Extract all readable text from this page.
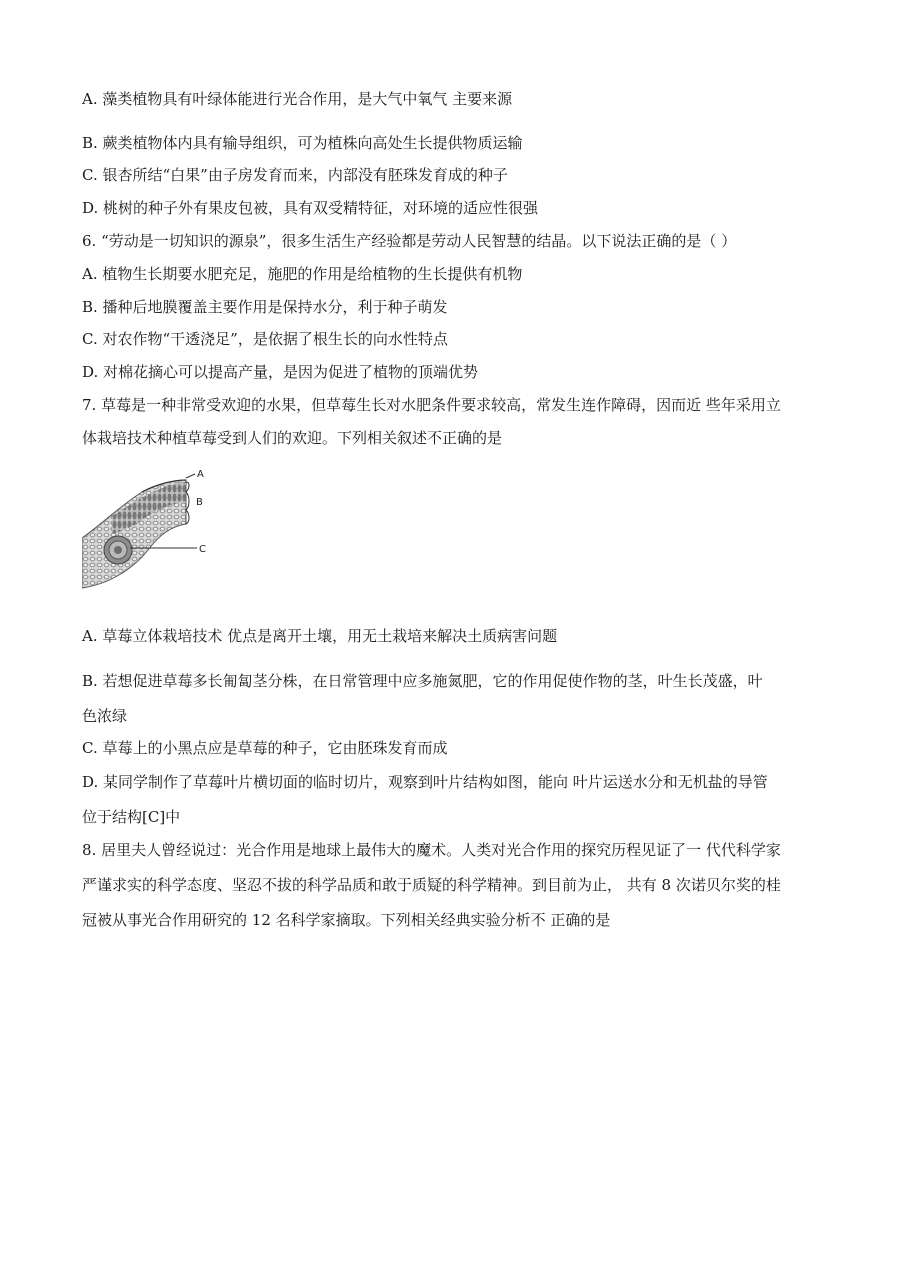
A. 藻类植物具有叶绿体能进行光合作用，是大气中氧气 主要来源
B. 蕨类植物体内具有输导组织，可为植株向高处生长提供物质运输
C. 银杏所结“白果”由子房发育而来，内部没有胚珠发育成的种子
D. 桃树的种子外有果皮包被，具有双受精特征，对环境的适应性很强
6. “劳动是一切知识的源泉”，很多生活生产经验都是劳动人民智慧的结晶。以下说法正确的是（ ）
A. 植物生长期要水肥充足，施肥的作用是给植物的生长提供有机物
B. 播种后地膜覆盖主要作用是保持水分，利于种子萌发
C. 对农作物“干透浇足”，是依据了根生长的向水性特点
D. 对棉花摘心可以提高产量，是因为促进了植物的顶端优势
7. 草莓是一种非常受欢迎的水果，但草莓生长对水肥条件要求较高，常发生连作障碍，因而近 些年采用立
体栽培技术种植草莓受到人们的欢迎。下列相关叙述不正确的是
A
B
C
A. 草莓立体栽培技术 优点是离开土壤，用无土栽培来解决土质病害问题
B. 若想促进草莓多长匍匐茎分株，在日常管理中应多施氮肥，它的作用促使作物的茎，叶生长茂盛，叶
色浓绿
C. 草莓上的小黑点应是草莓的种子，它由胚珠发育而成
D. 某同学制作了草莓叶片横切面的临时切片，观察到叶片结构如图，能向 叶片运送水分和无机盐的导管
位于结构[C]中
8. 居里夫人曾经说过：光合作用是地球上最伟大的魔术。人类对光合作用的探究历程见证了一 代代科学家
严谨求实的科学态度、坚忍不拔的科学品质和敢于质疑的科学精神。到目前为止， 共有 8 次诺贝尔奖的桂
冠被从事光合作用研究的 12 名科学家摘取。下列相关经典实验分析不 正确的是
